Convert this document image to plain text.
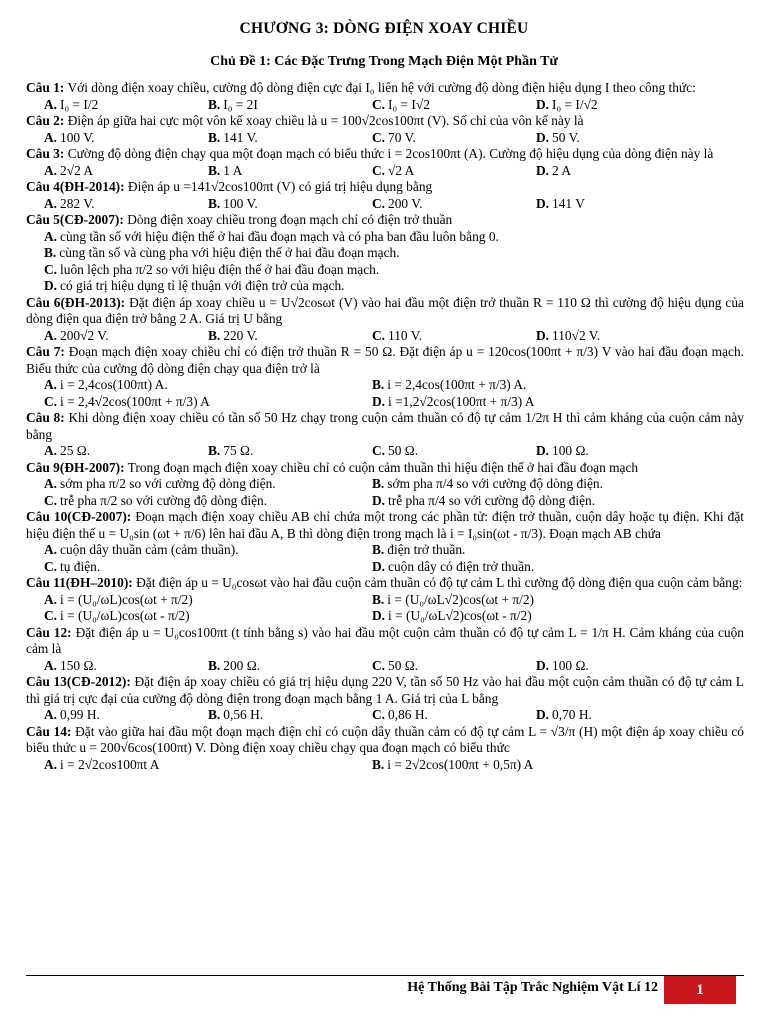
CHƯƠNG 3: DÒNG ĐIỆN XOAY CHIỀU
Chủ Đề 1: Các Đặc Trưng Trong Mạch Điện Một Phần Tử
Câu 1: Với dòng điện xoay chiều, cường độ dòng điện cực đại I₀ liên hệ với cường độ dòng điện hiệu dụng I theo công thức:
A. I₀ = I/2	B. I₀ = 2I	C. I₀ = I√2	D. I₀ = I/√2
Câu 2: Điện áp giữa hai cực một vôn kế xoay chiều là u = 100√2cos100πt (V). Số chỉ của vôn kế này là
A. 100 V.	B. 141 V.	C. 70 V.	D. 50 V.
Câu 3: Cường độ dòng điện chạy qua một đoạn mạch có biểu thức i = 2cos100πt (A). Cường độ hiệu dụng của dòng điện này là
A. 2√2 A	B. 1 A	C. √2 A	D. 2 A
Câu 4(ĐH-2014): Điện áp u =141√2cos100πt (V) có giá trị hiệu dụng bằng
A. 282 V.	B. 100 V.	C. 200 V.	D. 141 V
Câu 5(CĐ-2007): Dòng điện xoay chiều trong đoạn mạch chỉ có điện trở thuần
A. cùng tần số với hiệu điện thế ở hai đầu đoạn mạch và có pha ban đầu luôn bằng 0.
B. cùng tần số và cùng pha với hiệu điện thế ở hai đầu đoạn mạch.
C. luôn lệch pha π/2 so với hiệu điện thế ở hai đầu đoạn mạch.
D. có giá trị hiệu dụng tỉ lệ thuận với điện trở của mạch.
Câu 6(ĐH-2013): Đặt điện áp xoay chiều u = U√2cosωt (V) vào hai đầu một điện trở thuần R = 110 Ω thì cường độ hiệu dụng của dòng điện qua điện trở bằng 2 A. Giá trị U bằng
A. 200√2 V.	B. 220 V.	C. 110 V.	D. 110√2 V.
Câu 7: Đoạn mạch điện xoay chiều chỉ có điện trở thuần R = 50 Ω. Đặt điện áp u = 120cos(100πt + π/3) V vào hai đầu đoạn mạch. Biểu thức của cường độ dòng điện chạy qua điện trở là
A. i = 2,4cos(100πt) A.	B. i = 2,4cos(100πt + π/3) A.
C. i = 2,4√2cos(100πt + π/3) A	D. i =1,2√2cos(100πt + π/3) A
Câu 8: Khi dòng điện xoay chiều có tần số 50 Hz chạy trong cuộn cảm thuần có độ tự cảm 1/2π H thì cảm kháng của cuộn cảm này bằng
A. 25 Ω.	B. 75 Ω.	C. 50 Ω.	D. 100 Ω.
Câu 9(ĐH-2007): Trong đoạn mạch điện xoay chiều chỉ có cuộn cảm thuần thì hiệu điện thế ở hai đầu đoạn mạch
A. sớm pha π/2 so với cường độ dòng điện.	B. sớm pha π/4 so với cường độ dòng điện.
C. trễ pha π/2 so với cường độ dòng điện.	D. trễ pha π/4 so với cường độ dòng điện.
Câu 10(CĐ-2007): Đoạn mạch điện xoay chiều AB chỉ chứa một trong các phần tử: điện trở thuần, cuộn dây hoặc tụ điện. Khi đặt hiệu điện thế u = U₀sin (ωt + π/6) lên hai đầu A, B thì dòng điện trong mạch là i = I₀sin(ωt - π/3). Đoạn mạch AB chứa
A. cuộn dây thuần cảm (cảm thuần).	B. điện trở thuần.
C. tụ điện.	D. cuộn dây có điện trở thuần.
Câu 11(ĐH–2010): Đặt điện áp u = U₀cosωt vào hai đầu cuộn cảm thuần có độ tự cảm L thì cường độ dòng điện qua cuộn cảm bằng:
A. i = (U₀/ωL)cos(ωt + π/2)	B. i = (U₀/ωL√2)cos(ωt + π/2)
C. i = (U₀/ωL)cos(ωt - π/2)	D. i = (U₀/ωL√2)cos(ωt - π/2)
Câu 12: Đặt điện áp u = U₀cos100πt (t tính bằng s) vào hai đầu một cuộn cảm thuần có độ tự cảm L = 1/π H. Cảm kháng của cuộn cảm là
A. 150 Ω.	B. 200 Ω.	C. 50 Ω.	D. 100 Ω.
Câu 13(CĐ-2012): Đặt điện áp xoay chiều có giá trị hiệu dụng 220 V, tần số 50 Hz vào hai đầu một cuộn cảm thuần có độ tự cảm L thì giá trị cực đại của cường độ dòng điện trong đoạn mạch bằng 1 A. Giá trị của L bằng
A. 0,99 H.	B. 0,56 H.	C. 0,86 H.	D. 0,70 H.
Câu 14: Đặt vào giữa hai đầu một đoạn mạch điện chỉ có cuộn dây thuần cảm có độ tự cảm L = √3/π (H) một điện áp xoay chiều có biểu thức u = 200√6cos(100πt) V. Dòng điện xoay chiều chạy qua đoạn mạch có biểu thức
A. i = 2√2cos100πt A	B. i = 2√2cos(100πt + 0,5π) A
Hệ Thống Bài Tập Trắc Nghiệm Vật Lí 12	1
